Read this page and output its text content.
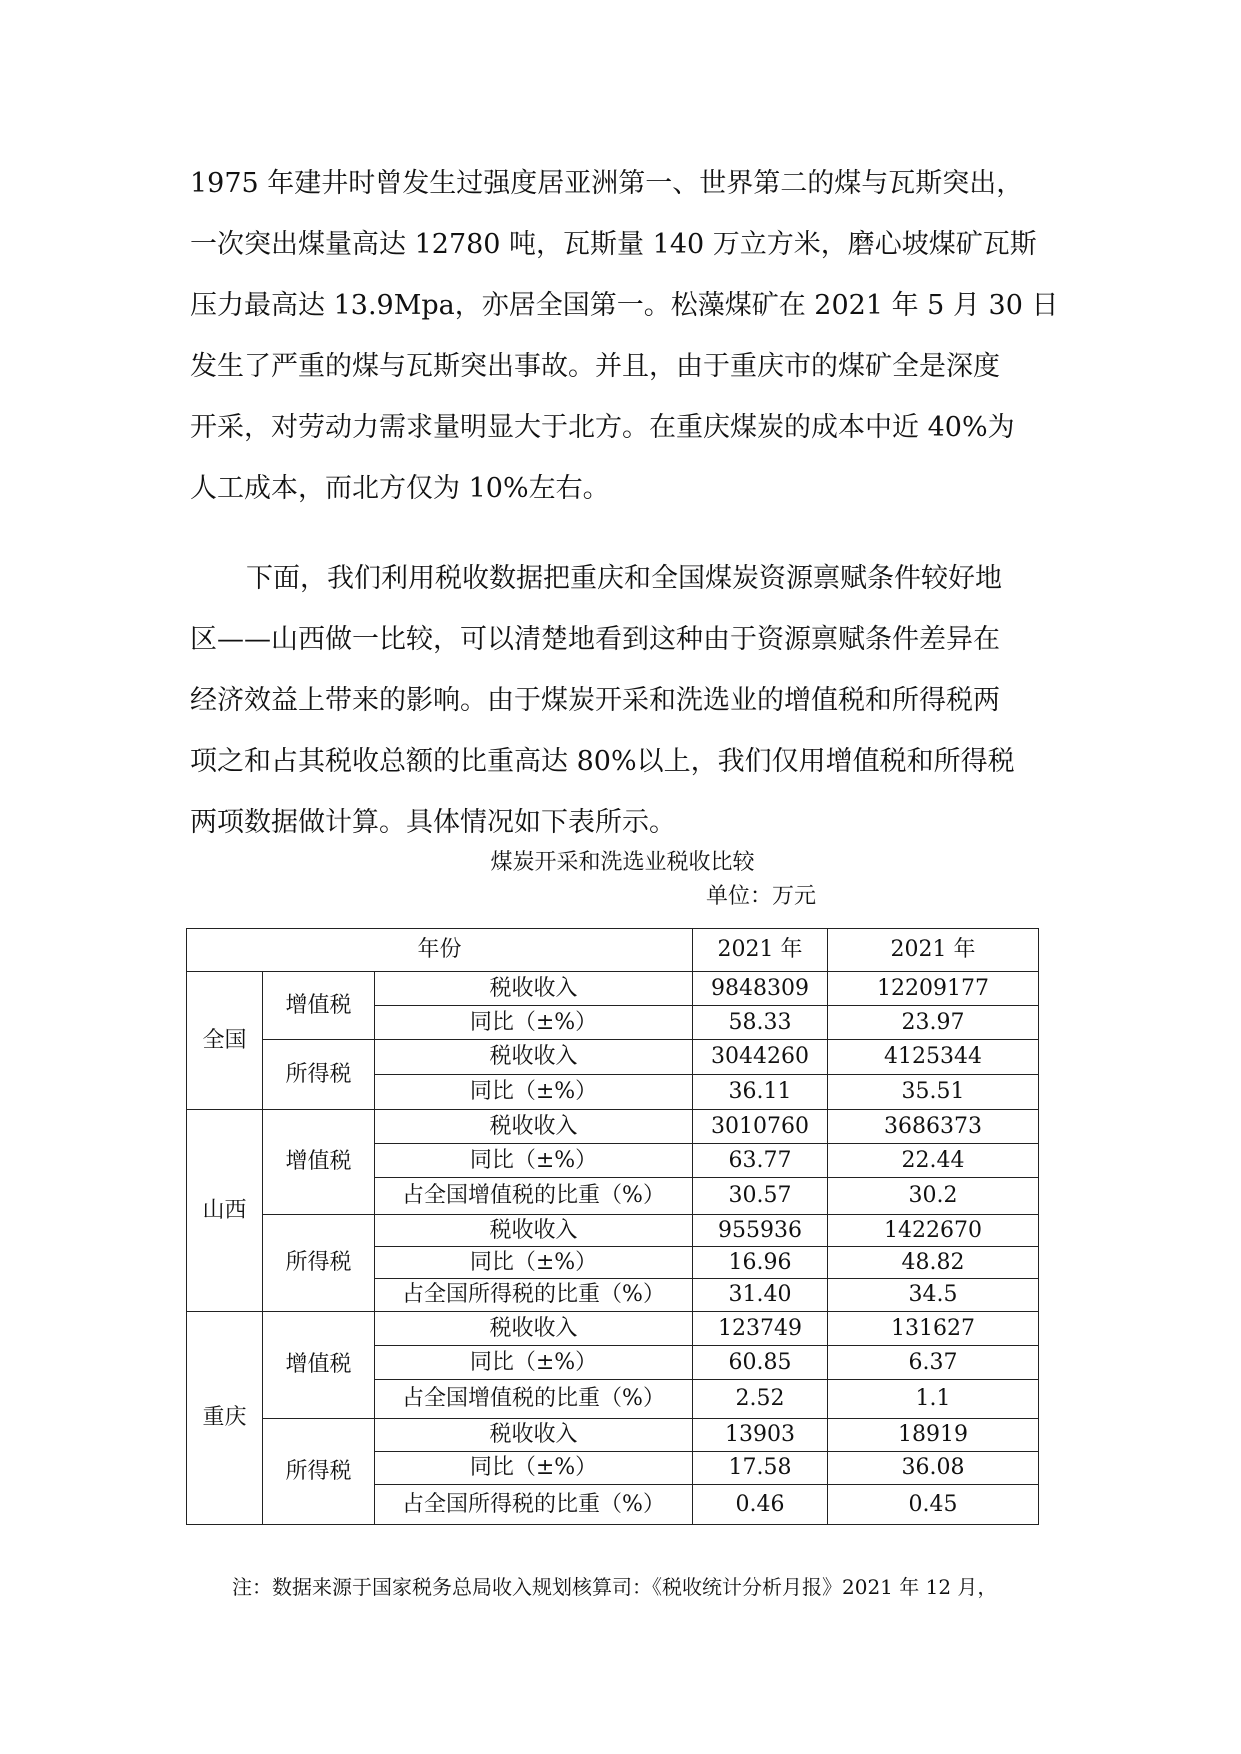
1975 年建井时曾发生过强度居亚洲第一、世界第二的煤与瓦斯突出，
一次突出煤量高达 12780 吨，瓦斯量 140 万立方米，磨心坡煤矿瓦斯
压力最高达 13.9Mpa，亦居全国第一。松藻煤矿在 2021 年 5 月 30 日
发生了严重的煤与瓦斯突出事故。并且，由于重庆市的煤矿全是深度
开采，对劳动力需求量明显大于北方。在重庆煤炭的成本中近 40%为
人工成本，而北方仅为 10%左右。
下面，我们利用税收数据把重庆和全国煤炭资源禀赋条件较好地
区——山西做一比较，可以清楚地看到这种由于资源禀赋条件差异在
经济效益上带来的影响。由于煤炭开采和洗选业的增值税和所得税两
项之和占其税收总额的比重高达 80%以上，我们仅用增值税和所得税
两项数据做计算。具体情况如下表所示。
煤炭开采和洗选业税收比较
单位：万元
年份			2021 年	2021 年
全国	增值税	税收收入	9848309	12209177
		同比（±%）	58.33	23.97
	所得税	税收收入	3044260	4125344
		同比（±%）	36.11	35.51
山西	增值税	税收收入	3010760	3686373
		同比（±%）	63.77	22.44
		占全国增值税的比重（%）	30.57	30.2
	所得税	税收收入	955936	1422670
		同比（±%）	16.96	48.82
		占全国所得税的比重（%）	31.40	34.5
重庆	增值税	税收收入	123749	131627
		同比（±%）	60.85	6.37
		占全国增值税的比重（%）	2.52	1.1
	所得税	税收收入	13903	18919
		同比（±%）	17.58	36.08
		占全国所得税的比重（%）	0.46	0.45
注：数据来源于国家税务总局收入规划核算司：《税收统计分析月报》2021 年 12 月，
